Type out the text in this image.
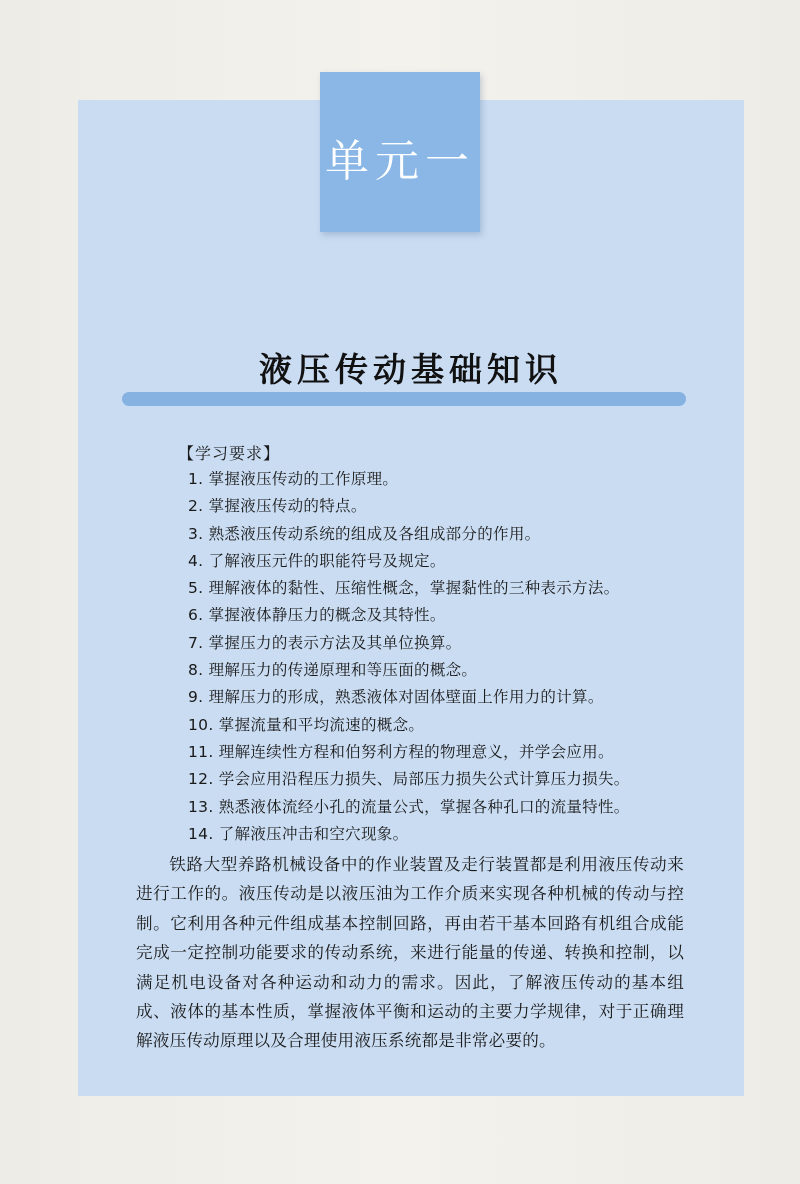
单元一
液压传动基础知识
【学习要求】
1. 掌握液压传动的工作原理。
2. 掌握液压传动的特点。
3. 熟悉液压传动系统的组成及各组成部分的作用。
4. 了解液压元件的职能符号及规定。
5. 理解液体的黏性、压缩性概念，掌握黏性的三种表示方法。
6. 掌握液体静压力的概念及其特性。
7. 掌握压力的表示方法及其单位换算。
8. 理解压力的传递原理和等压面的概念。
9. 理解压力的形成，熟悉液体对固体壁面上作用力的计算。
10. 掌握流量和平均流速的概念。
11. 理解连续性方程和伯努利方程的物理意义，并学会应用。
12. 学会应用沿程压力损失、局部压力损失公式计算压力损失。
13. 熟悉液体流经小孔的流量公式，掌握各种孔口的流量特性。
14. 了解液压冲击和空穴现象。

铁路大型养路机械设备中的作业装置及走行装置都是利用液压传动来进行工作的。液压传动是以液压油为工作介质来实现各种机械的传动与控制。它利用各种元件组成基本控制回路，再由若干基本回路有机组合成能完成一定控制功能要求的传动系统，来进行能量的传递、转换和控制，以满足机电设备对各种运动和动力的需求。因此，了解液压传动的基本组成、液体的基本性质，掌握液体平衡和运动的主要力学规律，对于正确理解液压传动原理以及合理使用液压系统都是非常必要的。
